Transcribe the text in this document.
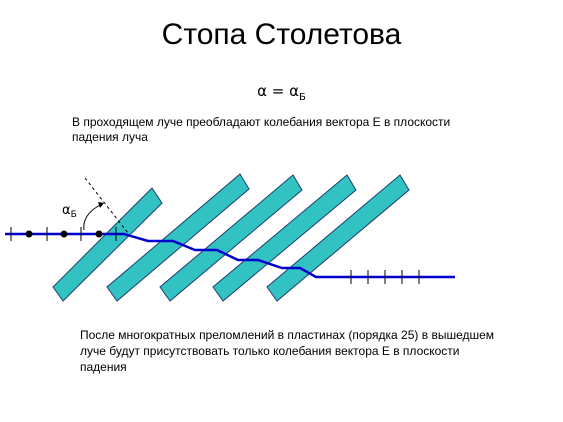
Стопа Столетова
$\alpha = \alpha_Б$
В проходящем луче преобладают колебания вектора Е в плоскости падения луча
$\alpha_Б$
После многократных преломлений в пластинах (порядка 25) в вышедшем луче будут присутствовать только колебания вектора Е в плоскости падения
